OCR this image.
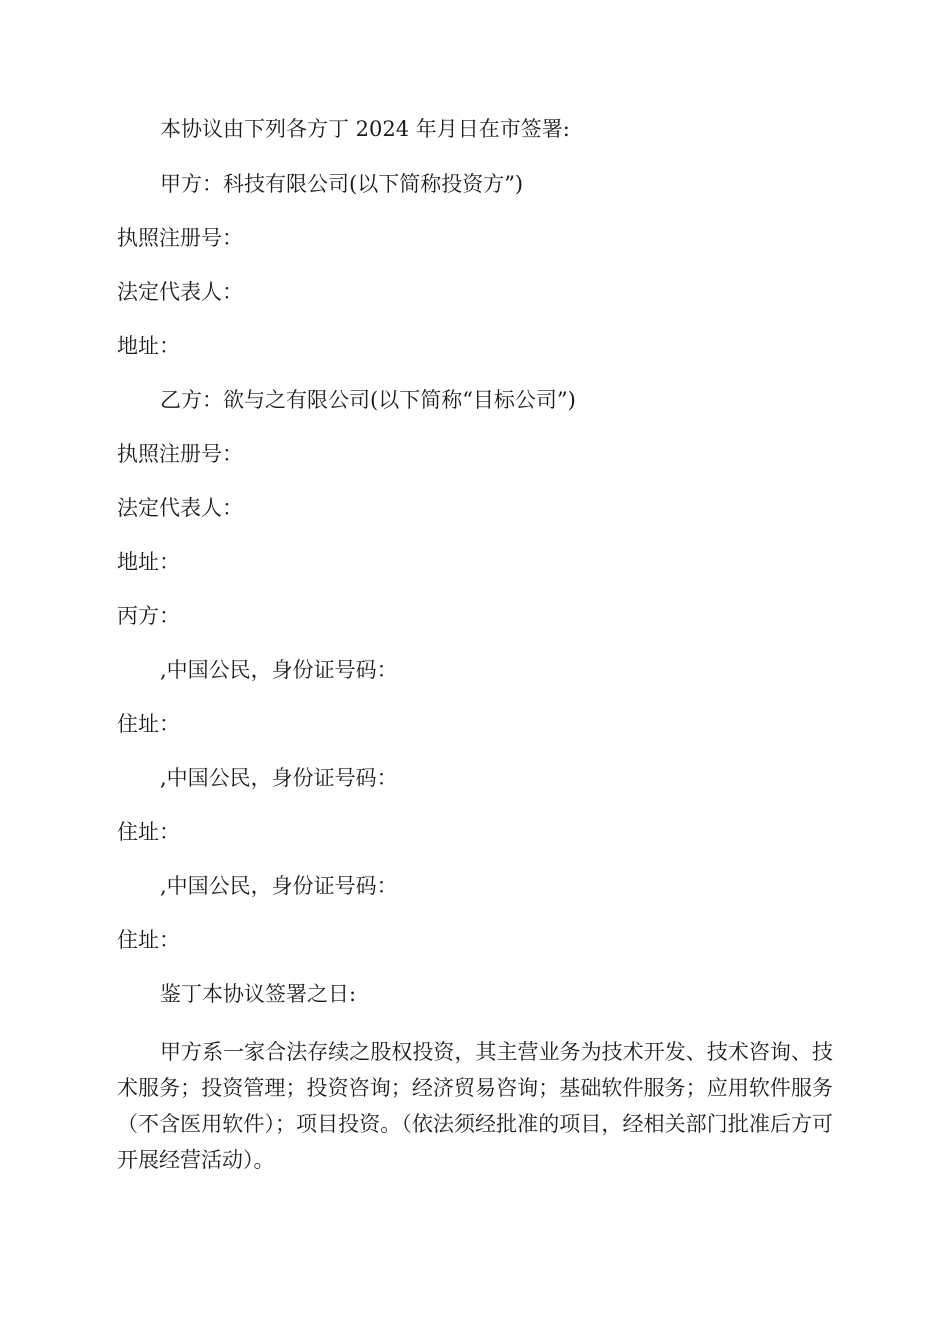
本协议由下列各方丁 2024 年月日在市签署:
甲方：科技有限公司(以下简称投资方”)
执照注册号：
法定代表人：
地址：
乙方：欲与之有限公司(以下简称“目标公司”)
执照注册号：
法定代表人：
地址：
丙方：
,中国公民，身份证号码：
住址：
,中国公民，身份证号码：
住址：
,中国公民，身份证号码：
住址：
鉴丁本协议签署之日:
甲方系一家合法存续之股权投资，其主营业务为技术开发、技术咨询、技术服务；投资管理；投资咨询；经济贸易咨询；基础软件服务；应用软件服务（不含医用软件）；项目投资。（依法须经批准的项目，经相关部门批准后方可开展经营活动）。
